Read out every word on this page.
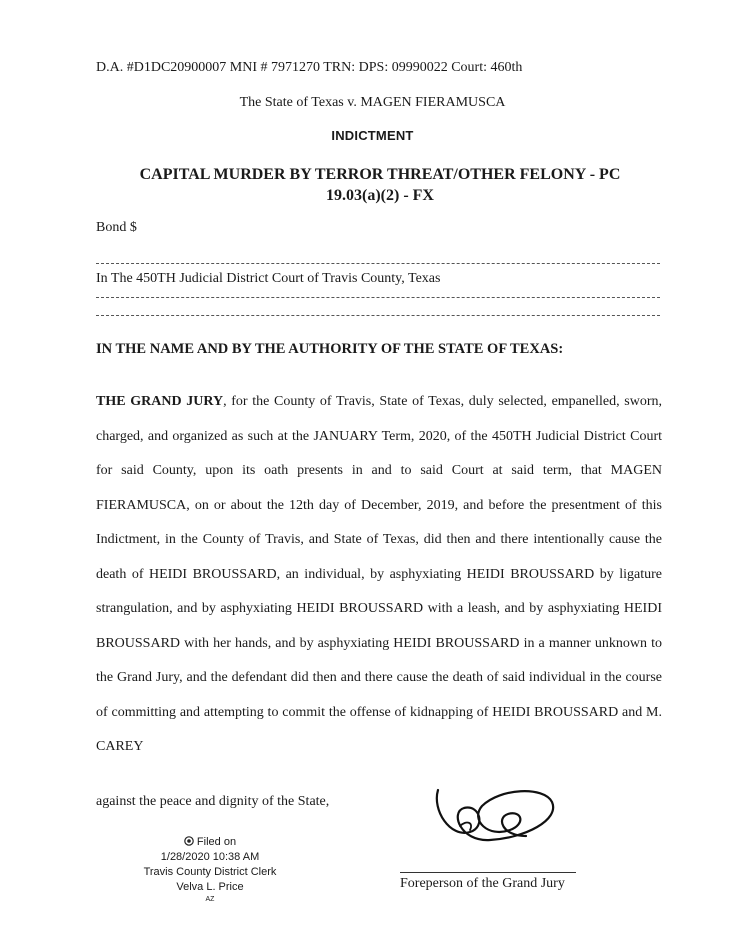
D.A. #D1DC20900007 MNI # 7971270 TRN: DPS: 09990022 Court: 460th
The State of Texas v. MAGEN FIERAMUSCA
INDICTMENT
CAPITAL MURDER BY TERROR THREAT/OTHER FELONY - PC
19.03(a)(2) - FX
Bond $
In The 450TH Judicial District Court of Travis County, Texas
IN THE NAME AND BY THE AUTHORITY OF THE STATE OF TEXAS:
THE GRAND JURY, for the County of Travis, State of Texas, duly selected, empanelled, sworn, charged, and organized as such at the JANUARY Term, 2020, of the 450TH Judicial District Court for said County, upon its oath presents in and to said Court at said term, that MAGEN FIERAMUSCA, on or about the 12th day of December, 2019, and before the presentment of this Indictment, in the County of Travis, and State of Texas, did then and there intentionally cause the death of HEIDI BROUSSARD, an individual, by asphyxiating HEIDI BROUSSARD by ligature strangulation, and by asphyxiating HEIDI BROUSSARD with a leash, and by asphyxiating HEIDI BROUSSARD with her hands, and by asphyxiating HEIDI BROUSSARD in a manner unknown to the Grand Jury, and the defendant did then and there cause the death of said individual in the course of committing and attempting to commit the offense of kidnapping of HEIDI BROUSSARD and M. CAREY
against the peace and dignity of the State,
Filed on
1/28/2020 10:38 AM
Travis County District Clerk
Velva L. Price
AZ
Foreperson of the Grand Jury
